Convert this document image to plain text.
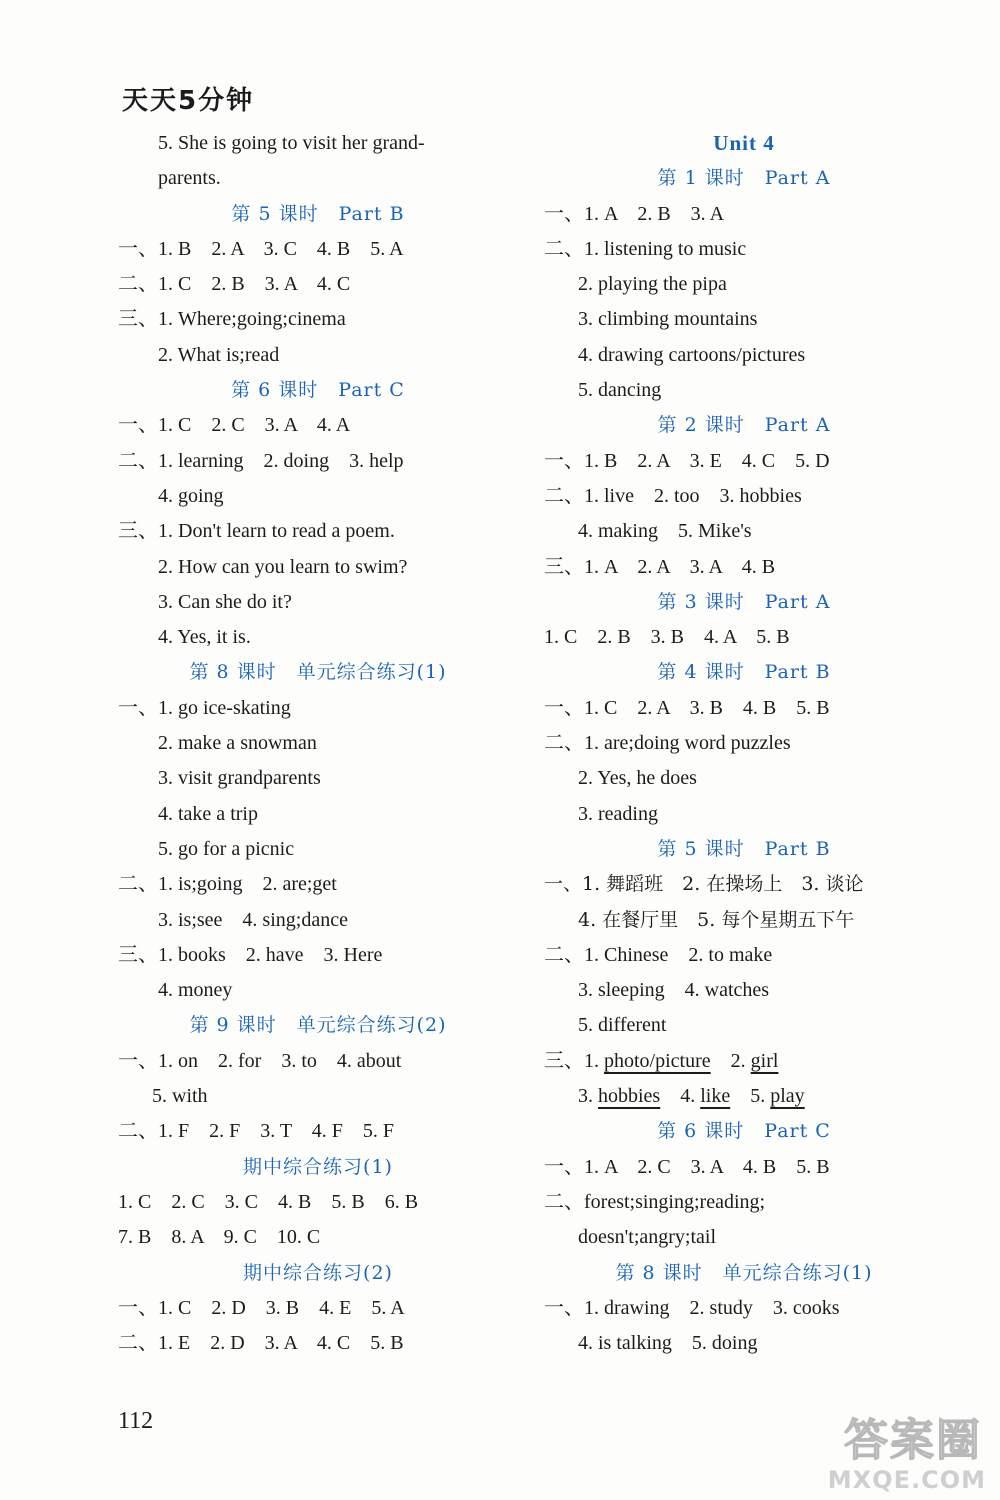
天天5分钟
5. She is going to visit her grand-
parents.
第 5 课时　Part B
一、1. B　2. A　3. C　4. B　5. A
二、1. C　2. B　3. A　4. C
三、1. Where;going;cinema
2. What is;read
第 6 课时　Part C
一、1. C　2. C　3. A　4. A
二、1. learning　2. doing　3. help
4. going
三、1. Don't learn to read a poem.
2. How can you learn to swim?
3. Can she do it?
4. Yes, it is.
第 8 课时　单元综合练习(1)
一、1. go ice-skating
2. make a snowman
3. visit grandparents
4. take a trip
5. go for a picnic
二、1. is;going　2. are;get
3. is;see　4. sing;dance
三、1. books　2. have　3. Here
4. money
第 9 课时　单元综合练习(2)
一、1. on　2. for　3. to　4. about
5. with
二、1. F　2. F　3. T　4. F　5. F
期中综合练习(1)
1. C　2. C　3. C　4. B　5. B　6. B
7. B　8. A　9. C　10. C
期中综合练习(2)
一、1. C　2. D　3. B　4. E　5. A
二、1. E　2. D　3. A　4. C　5. B
Unit 4
第 1 课时　Part A
一、1. A　2. B　3. A
二、1. listening to music
2. playing the pipa
3. climbing mountains
4. drawing cartoons/pictures
5. dancing
第 2 课时　Part A
一、1. B　2. A　3. E　4. C　5. D
二、1. live　2. too　3. hobbies
4. making　5. Mike's
三、1. A　2. A　3. A　4. B
第 3 课时　Part A
1. C　2. B　3. B　4. A　5. B
第 4 课时　Part B
一、1. C　2. A　3. B　4. B　5. B
二、1. are;doing word puzzles
2. Yes, he does
3. reading
第 5 课时　Part B
一、1. 舞蹈班　2. 在操场上　3. 谈论
4. 在餐厅里　5. 每个星期五下午
二、1. Chinese　2. to make
3. sleeping　4. watches
5. different
三、1. photo/picture　2. girl
3. hobbies　4. like　5. play
第 6 课时　Part C
一、1. A　2. C　3. A　4. B　5. B
二、forest;singing;reading;
doesn't;angry;tail
第 8 课时　单元综合练习(1)
一、1. drawing　2. study　3. cooks
4. is talking　5. doing
112	答案圈
MXQE.COM
